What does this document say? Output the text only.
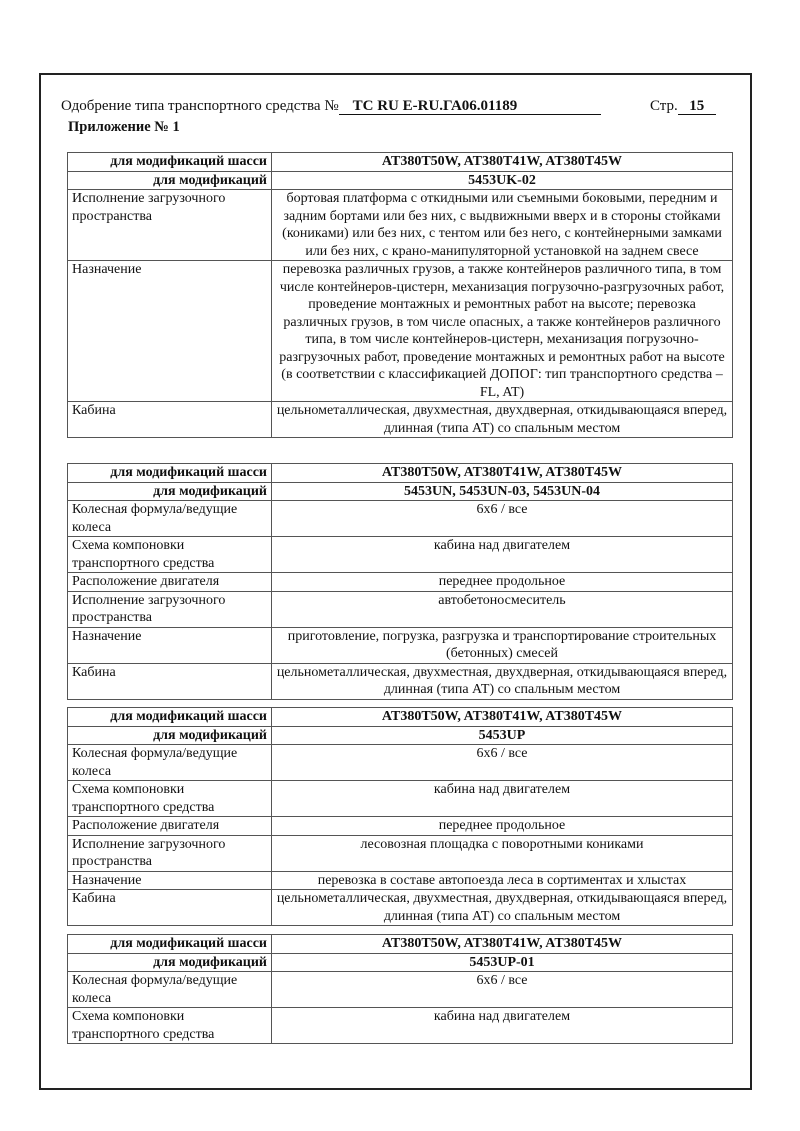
Одобрение типа транспортного средства № ТС RU E-RU.ГА06.01189	Стр. 15
Приложение № 1
для модификаций шасси	AT380T50W, AT380T41W, AT380T45W
для модификаций	5453UK-02
Исполнение загрузочного пространства	бортовая платформа с откидными или съемными боковыми, передним и задним бортами или без них, с выдвижными вверх и в стороны стойками (кониками) или без них, с тентом или без него, с контейнерными замками или без них, с крано-манипуляторной установкой на заднем свесе
Назначение	перевозка различных грузов, а также контейнеров различного типа, в том числе контейнеров-цистерн, механизация погрузочно-разгрузочных работ, проведение монтажных и ремонтных работ на высоте; перевозка различных грузов, в том числе опасных, а также контейнеров различного типа, в том числе контейнеров-цистерн, механизация погрузочно-разгрузочных работ, проведение монтажных и ремонтных работ на высоте (в соответствии с классификацией ДОПОГ: тип транспортного средства – FL, AT)
Кабина	цельнометаллическая, двухместная, двухдверная, откидывающаяся вперед, длинная (типа АТ) со спальным местом
для модификаций шасси	AT380T50W, AT380T41W, AT380T45W
для модификаций	5453UN, 5453UN-03, 5453UN-04
Колесная формула/ведущие колеса	6x6 / все
Схема компоновки транспортного средства	кабина над двигателем
Расположение двигателя	переднее продольное
Исполнение загрузочного пространства	автобетоносмеситель
Назначение	приготовление, погрузка, разгрузка и транспортирование строительных (бетонных) смесей
Кабина	цельнометаллическая, двухместная, двухдверная, откидывающаяся вперед, длинная (типа АТ) со спальным местом
для модификаций шасси	AT380T50W, AT380T41W, AT380T45W
для модификаций	5453UP
Колесная формула/ведущие колеса	6x6 / все
Схема компоновки транспортного средства	кабина над двигателем
Расположение двигателя	переднее продольное
Исполнение загрузочного пространства	лесовозная площадка с поворотными кониками
Назначение	перевозка в составе автопоезда леса в сортиментах и хлыстах
Кабина	цельнометаллическая, двухместная, двухдверная, откидывающаяся вперед, длинная (типа АТ) со спальным местом
для модификаций шасси	AT380T50W, AT380T41W, AT380T45W
для модификаций	5453UP-01
Колесная формула/ведущие колеса	6x6 / все
Схема компоновки транспортного средства	кабина над двигателем
